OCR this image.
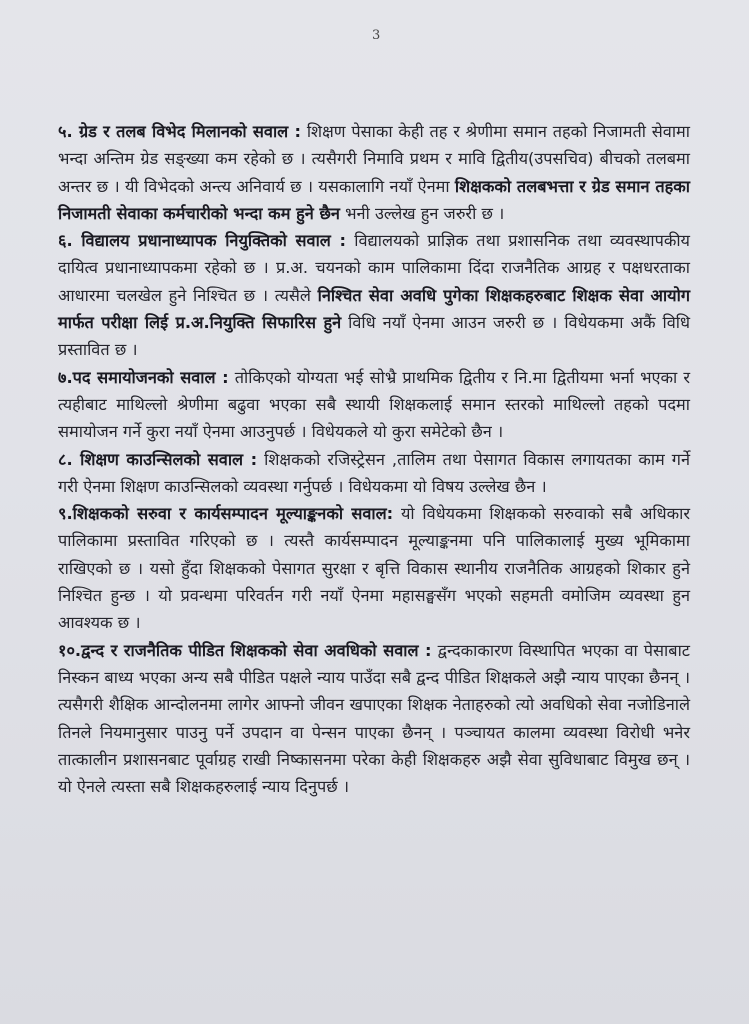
3

५. ग्रेड र तलब विभेद मिलानको सवाल : शिक्षण पेसाका केही तह र श्रेणीमा समान तहको निजामती सेवामा भन्दा अन्तिम ग्रेड सङ्ख्या कम रहेको छ । त्यसैगरी निमावि प्रथम र मावि द्वितीय(उपसचिव) बीचको तलबमा अन्तर छ । यी विभेदको अन्त्य अनिवार्य छ । यसकालागि नयाँ ऐनमा शिक्षकको तलबभत्ता र ग्रेड समान तहका निजामती सेवाका कर्मचारीको भन्दा कम हुने छैन भनी उल्लेख हुन जरुरी छ ।

६. विद्यालय प्रधानाध्यापक नियुक्तिको सवाल : विद्यालयको प्राज्ञिक तथा प्रशासनिक तथा व्यवस्थापकीय दायित्व प्रधानाध्यापकमा रहेको छ । प्र.अ. चयनको काम पालिकामा दिंदा राजनैतिक आग्रह र पक्षधरताका आधारमा चलखेल हुने निश्चित छ । त्यसैले निश्चित सेवा अवधि पुगेका शिक्षकहरुबाट शिक्षक सेवा आयोग मार्फत परीक्षा लिई प्र.अ.नियुक्ति सिफारिस हुने विधि नयाँ ऐनमा आउन जरुरी छ । विधेयकमा अकैं विधि प्रस्तावित छ ।

७.पद समायोजनको सवाल : तोकिएको योग्यता भई सोभ्रै प्राथमिक द्वितीय र नि.मा द्वितीयमा भर्ना भएका र त्यहीबाट माथिल्लो श्रेणीमा बढुवा भएका सबै स्थायी शिक्षकलाई समान स्तरको माथिल्लो तहको पदमा समायोजन गर्ने कुरा नयाँ ऐनमा आउनुपर्छ । विधेयकले यो कुरा समेटेको छैन ।

८. शिक्षण काउन्सिलको सवाल : शिक्षकको रजिस्ट्रेसन ,तालिम तथा पेसागत विकास लगायतका काम गर्ने गरी ऐनमा शिक्षण काउन्सिलको व्यवस्था गर्नुपर्छ । विधेयकमा यो विषय उल्लेख छैन ।

९.शिक्षकको सरुवा र कार्यसम्पादन मूल्याङ्कनको सवाल: यो विधेयकमा शिक्षकको सरुवाको सबै अधिकार पालिकामा प्रस्तावित गरिएको छ । त्यस्तै कार्यसम्पादन मूल्याङ्कनमा पनि पालिकालाई मुख्य भूमिकामा राखिएको छ । यसो हुँदा शिक्षकको पेसागत सुरक्षा र बृत्ति विकास स्थानीय राजनैतिक आग्रहको शिकार हुने निश्चित हुन्छ । यो प्रवन्धमा परिवर्तन गरी नयाँ ऐनमा महासङ्घसँग भएको सहमती वमोजिम व्यवस्था हुन आवश्यक छ ।

१०.द्वन्द र राजनैतिक पीडित शिक्षकको सेवा अवधिको सवाल : द्वन्दकाकारण विस्थापित भएका वा पेसाबाट निस्कन बाध्य भएका अन्य सबै पीडित पक्षले न्याय पाउँदा सबै द्वन्द पीडित शिक्षकले अझै न्याय पाएका छैनन् । त्यसैगरी शैक्षिक आन्दोलनमा लागेर आफ्नो जीवन खपाएका शिक्षक नेताहरुको त्यो अवधिको सेवा नजोडिनाले तिनले नियमानुसार पाउनु पर्ने उपदान वा पेन्सन पाएका छैनन् । पञ्चायत कालमा व्यवस्था विरोधी भनेर तात्कालीन प्रशासनबाट पूर्वाग्रह राखी निष्कासनमा परेका केही शिक्षकहरु अझै सेवा सुविधाबाट विमुख छन् । यो ऐनले त्यस्ता सबै शिक्षकहरुलाई न्याय दिनुपर्छ ।
